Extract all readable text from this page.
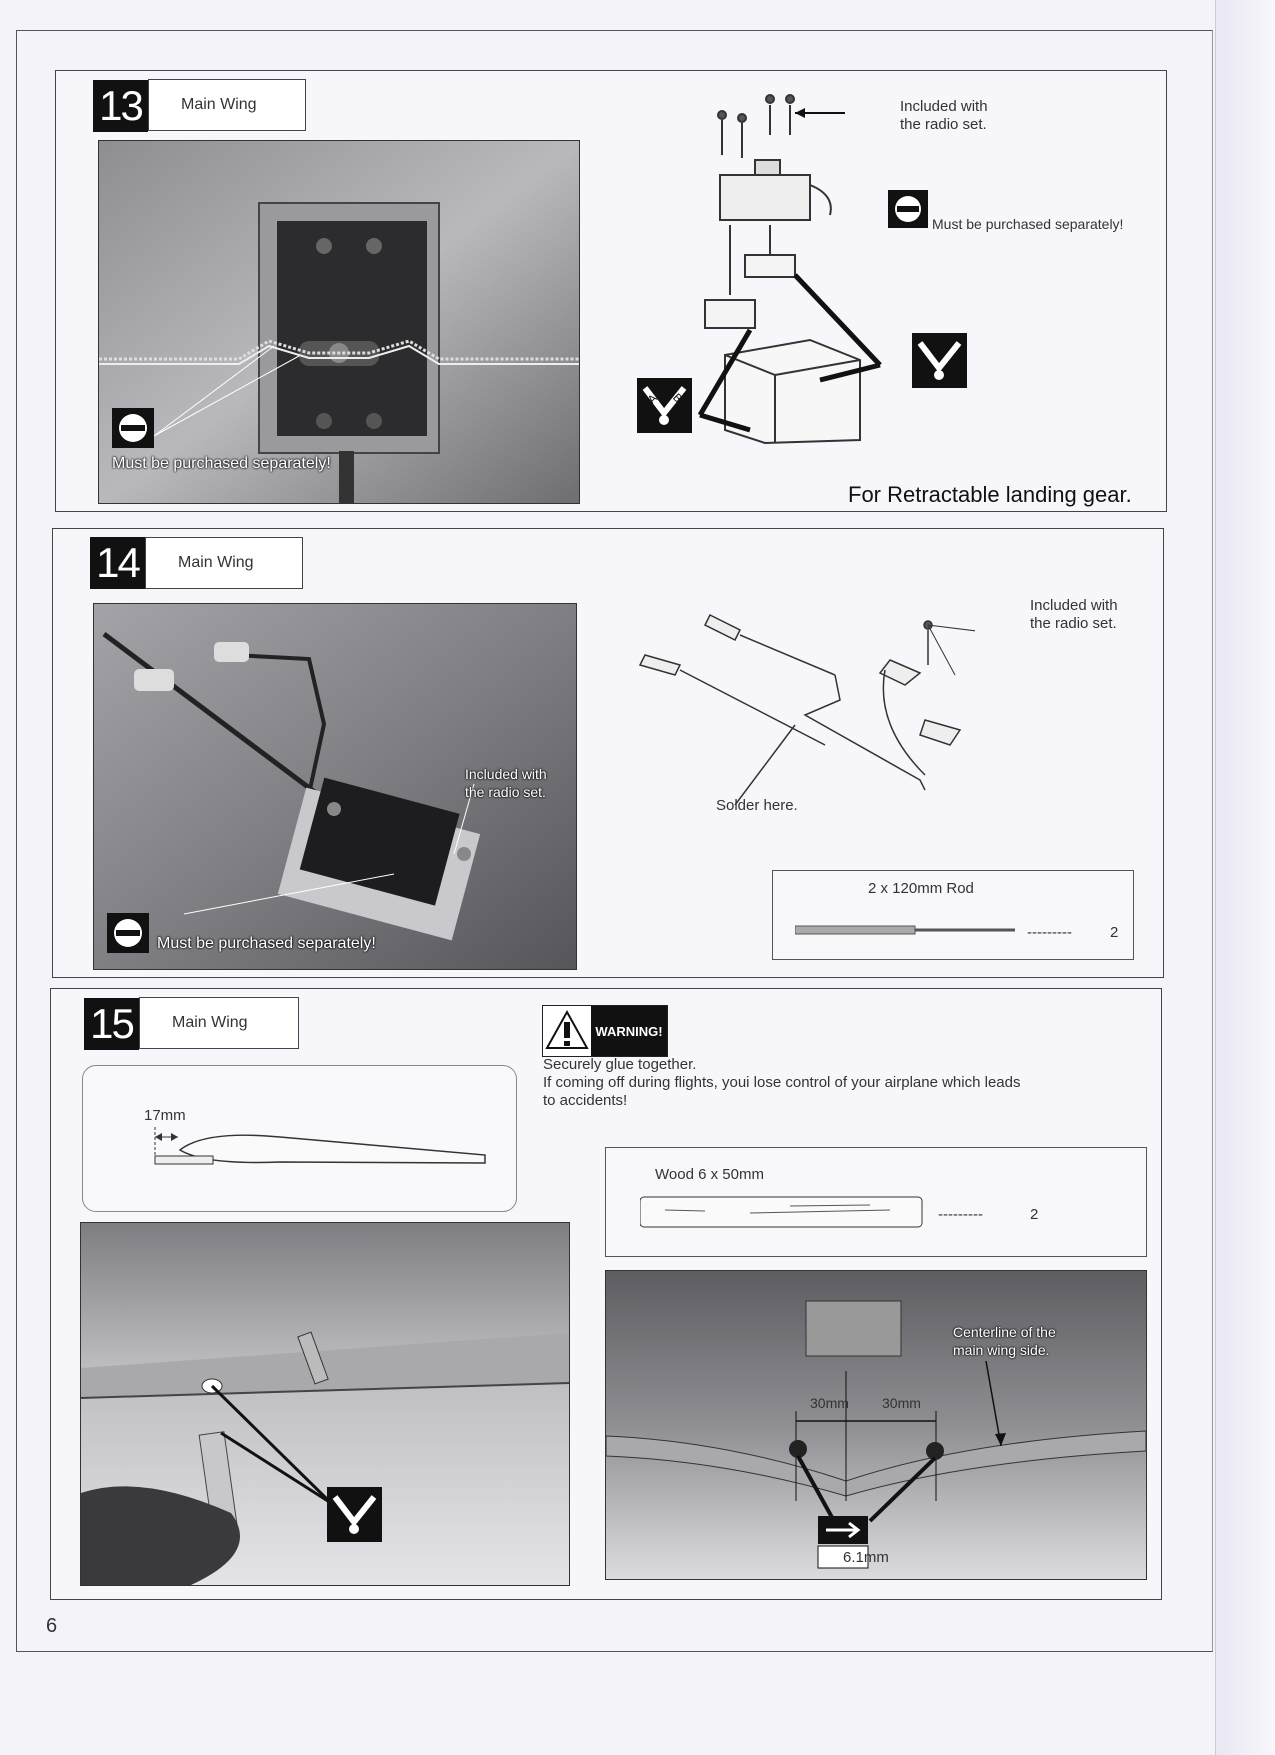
13	Main Wing
Must be purchased separately!
Included with
the radio set.
Must be purchased separately!
A B
For Retractable landing gear.
14	Main Wing
Included with
the radio set.
Must be purchased separately!
Included with
the radio set.
Solder here.
2 x 120mm Rod
---------	2
15	Main Wing	WARNING!
Securely glue together.
If coming off during flights, youi lose control of your airplane which leads
to accidents!
17mm
Wood 6 x 50mm
---------	2
Centerline of the
main wing side.
30mm 30mm
6.1mm
6
